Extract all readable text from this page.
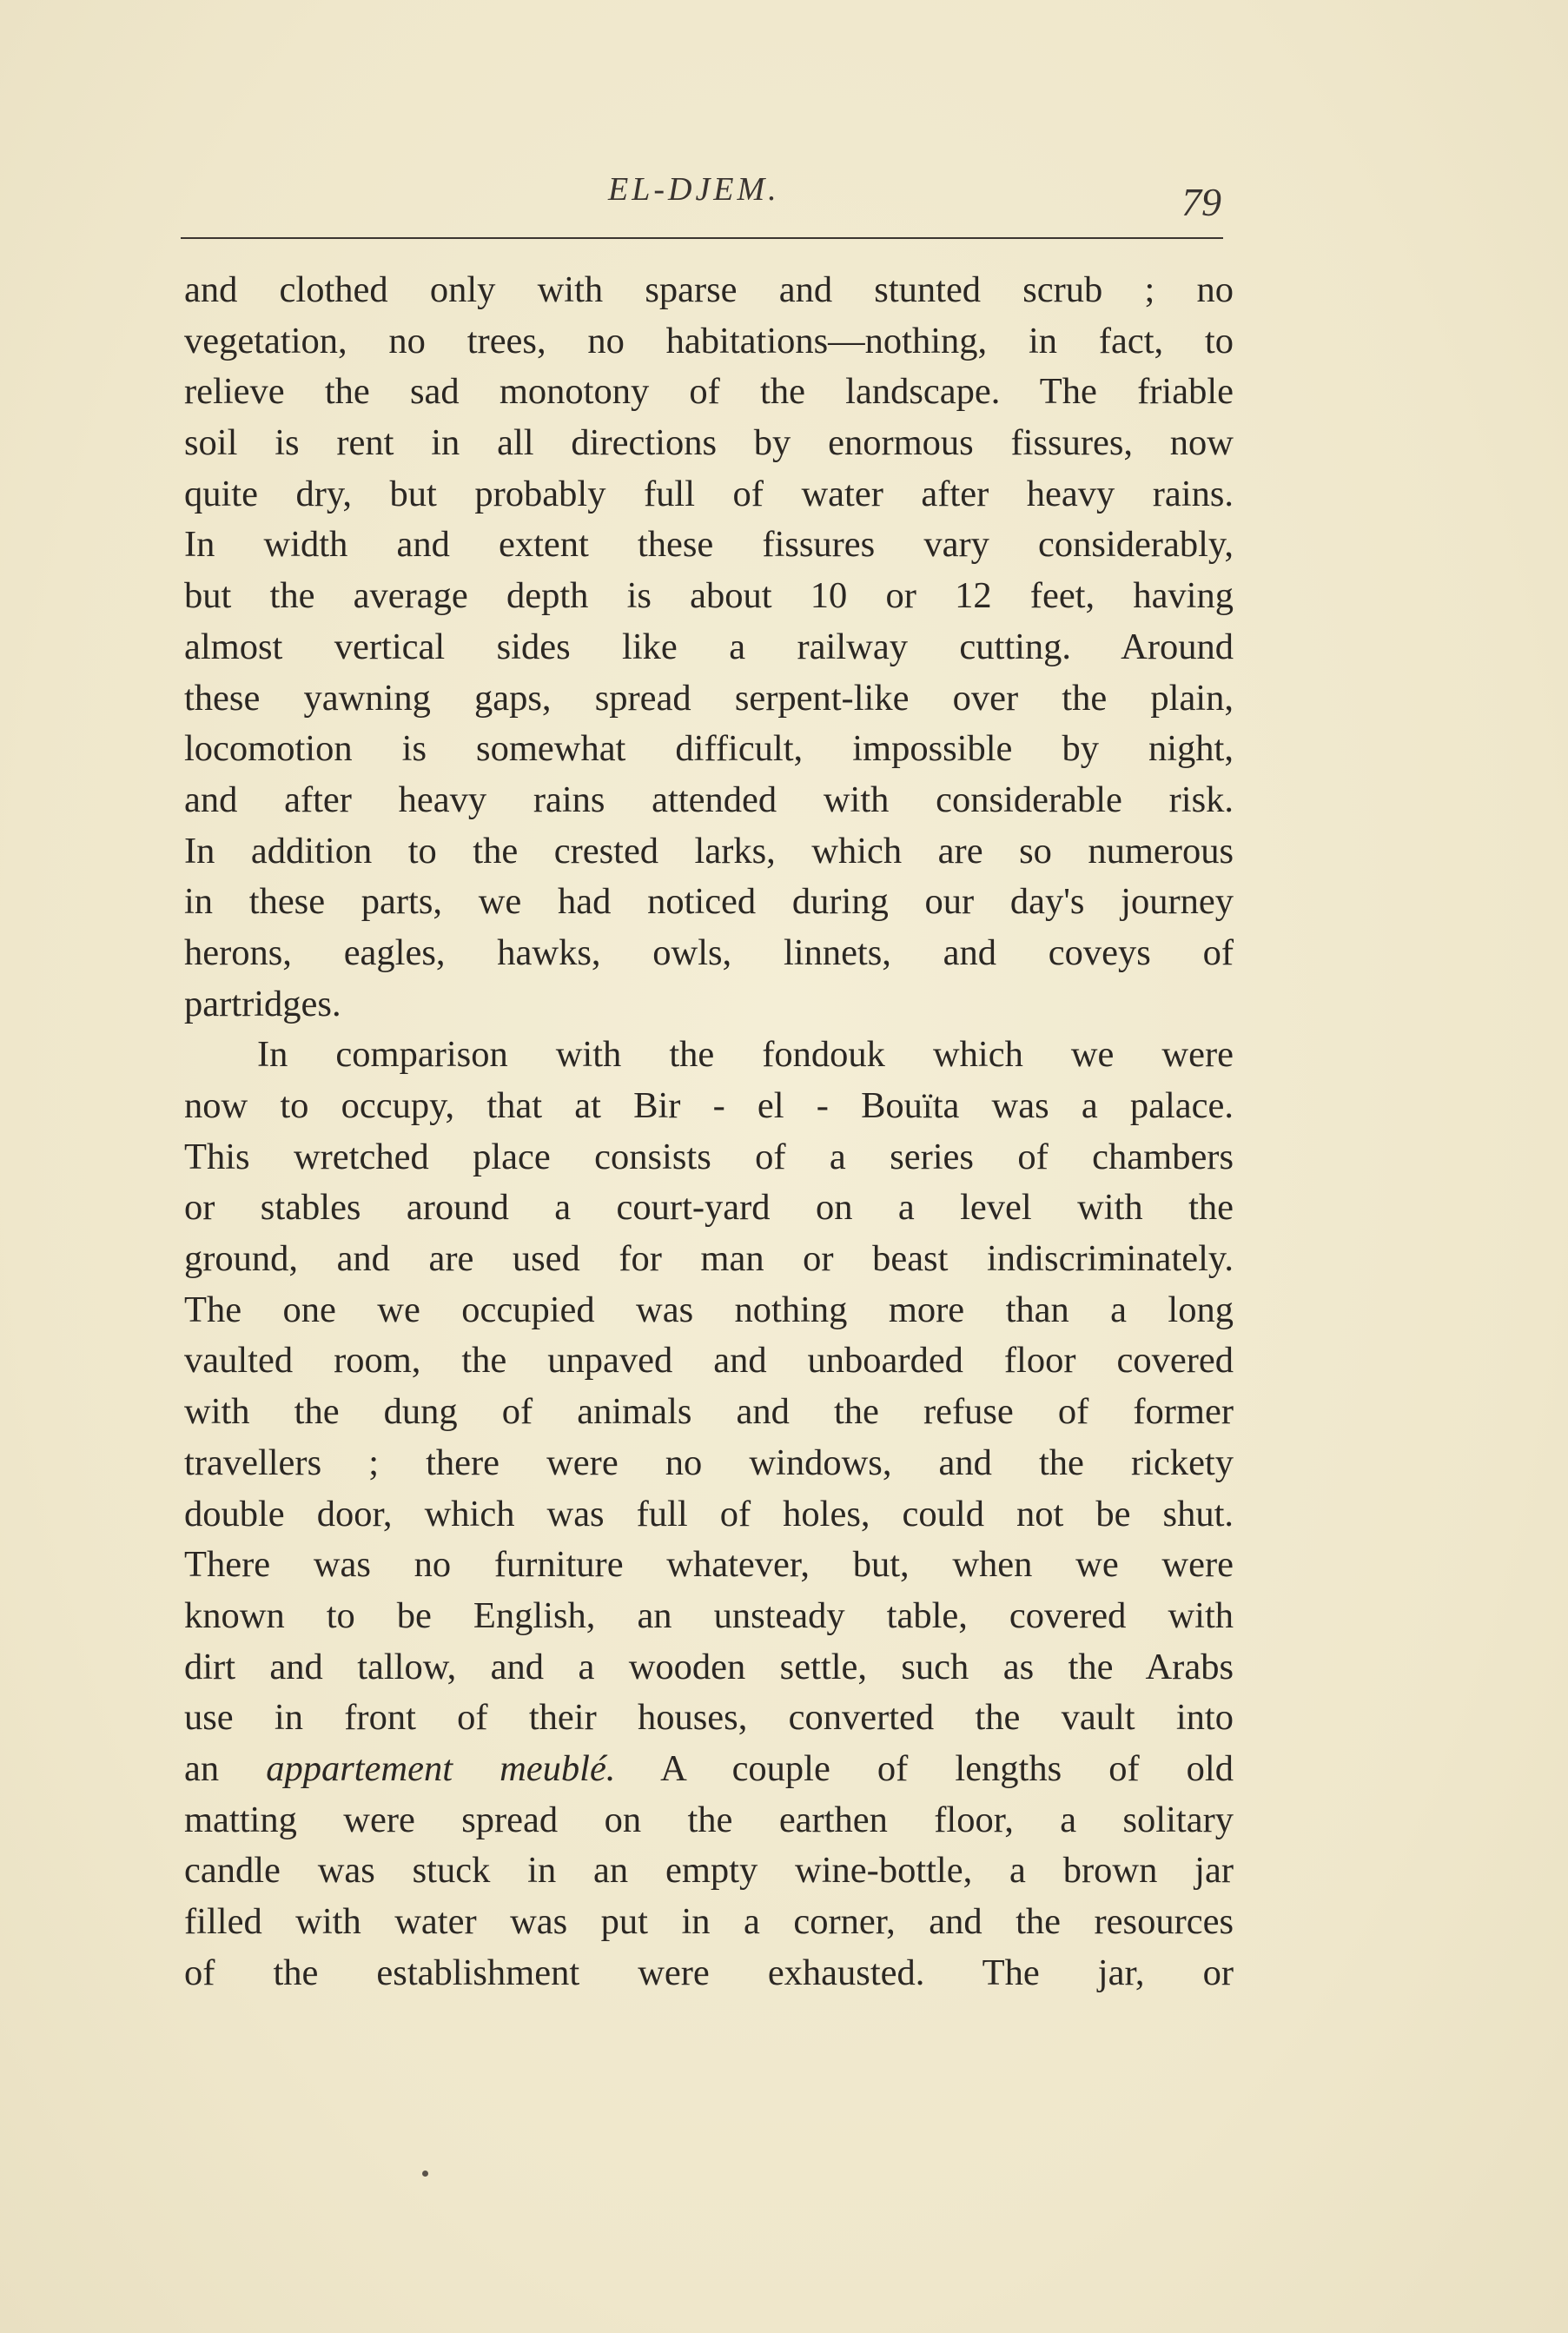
EL-DJEM.	79
and clothed only with sparse and stunted scrub ; no
vegetation, no trees, no habitations—nothing, in fact, to
relieve the sad monotony of the landscape. The friable
soil is rent in all directions by enormous fissures, now
quite dry, but probably full of water after heavy rains.
In width and extent these fissures vary considerably,
but the average depth is about 10 or 12 feet, having
almost vertical sides like a railway cutting. Around
these yawning gaps, spread serpent-like over the plain,
locomotion is somewhat difficult, impossible by night,
and after heavy rains attended with considerable risk.
In addition to the crested larks, which are so numerous
in these parts, we had noticed during our day's journey
herons, eagles, hawks, owls, linnets, and coveys of
partridges.
In comparison with the fondouk which we were
now to occupy, that at Bir - el - Bouïta was a palace.
This wretched place consists of a series of chambers
or stables around a court-yard on a level with the
ground, and are used for man or beast indiscriminately.
The one we occupied was nothing more than a long
vaulted room, the unpaved and unboarded floor covered
with the dung of animals and the refuse of former
travellers ; there were no windows, and the rickety
double door, which was full of holes, could not be shut.
There was no furniture whatever, but, when we were
known to be English, an unsteady table, covered with
dirt and tallow, and a wooden settle, such as the Arabs
use in front of their houses, converted the vault into
an appartement meublé. A couple of lengths of old
matting were spread on the earthen floor, a solitary
candle was stuck in an empty wine-bottle, a brown jar
filled with water was put in a corner, and the resources
of the establishment were exhausted. The jar, or
